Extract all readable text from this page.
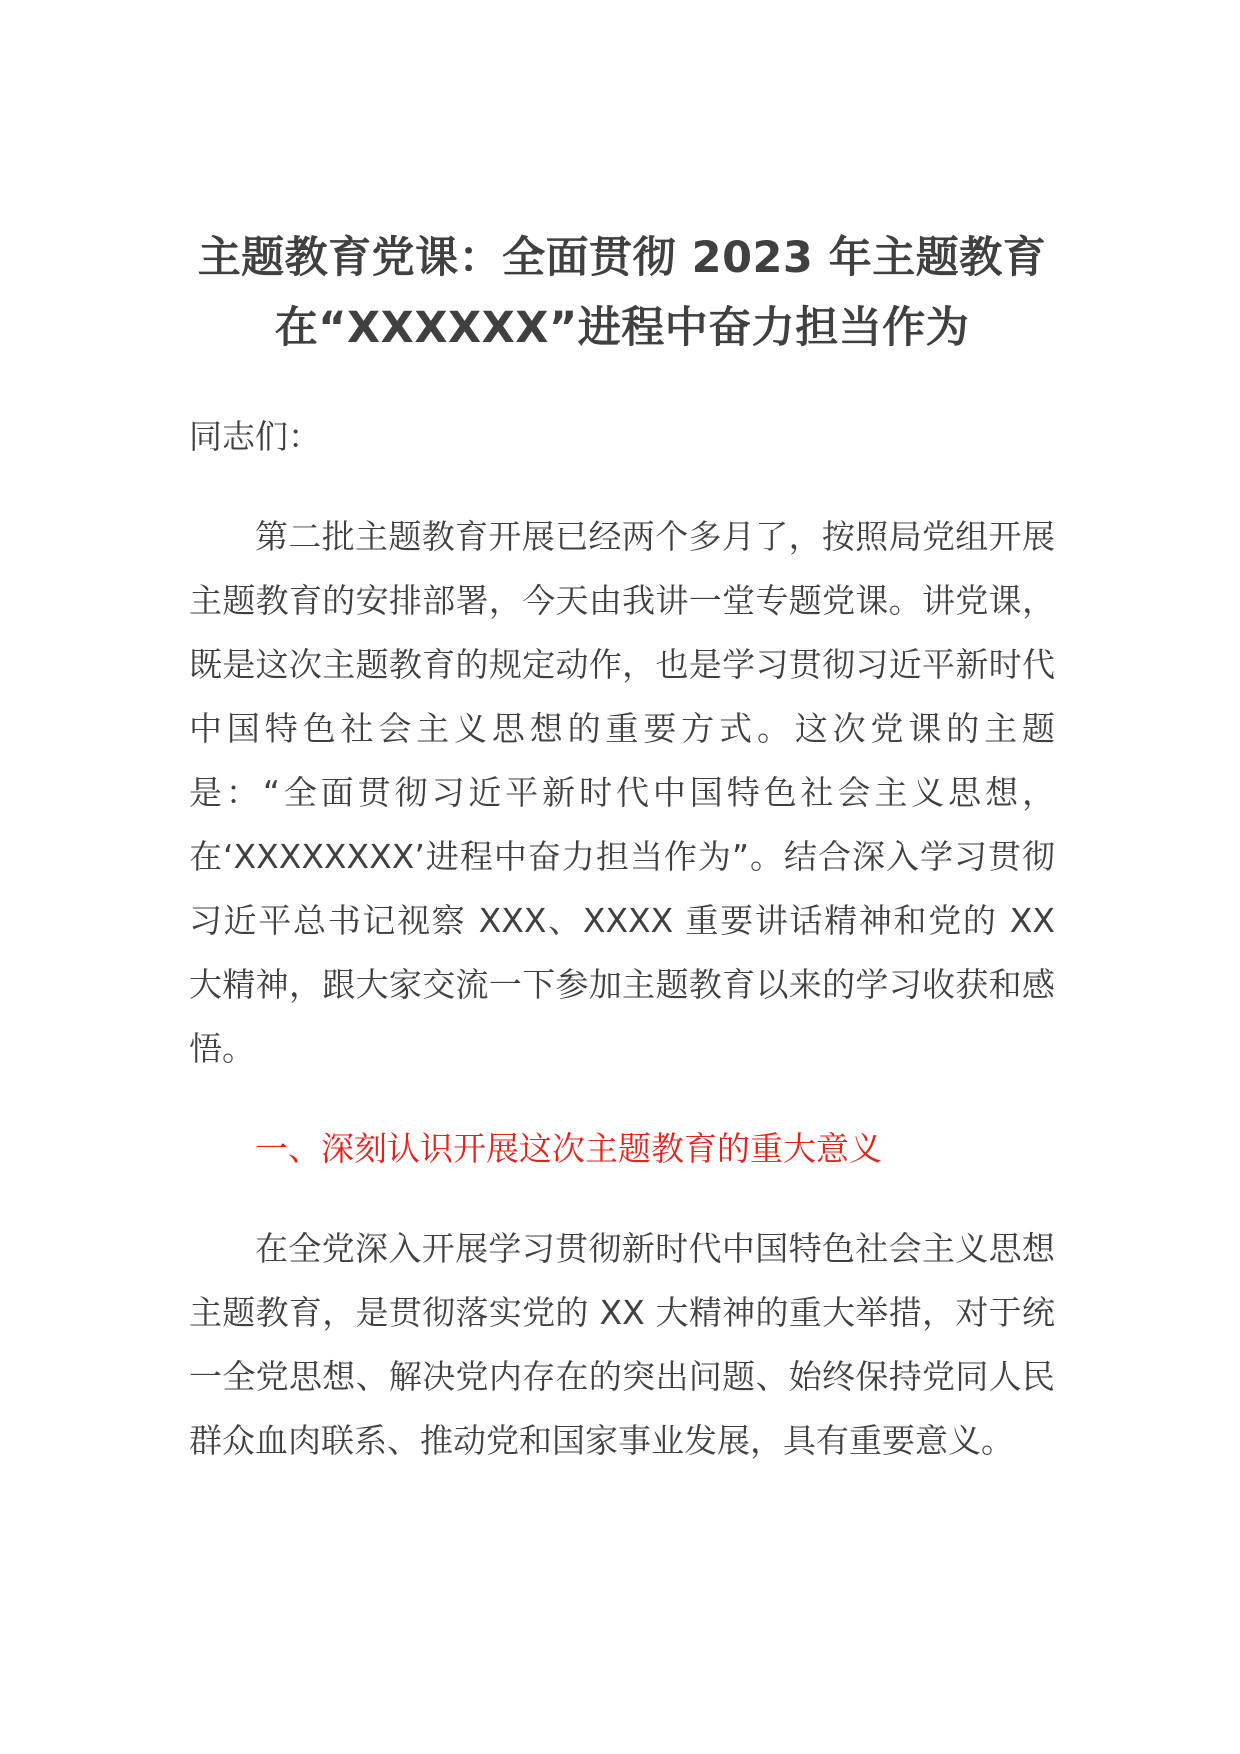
主题教育党课：全面贯彻 2023 年主题教育在“XXXXXX”进程中奋力担当作为

同志们：

第二批主题教育开展已经两个多月了，按照局党组开展主题教育的安排部署，今天由我讲一堂专题党课。讲党课，既是这次主题教育的规定动作，也是学习贯彻习近平新时代中国特色社会主义思想的重要方式。这次党课的主题是：“全面贯彻习近平新时代中国特色社会主义思想，在‘XXXXXXXX’进程中奋力担当作为”。结合深入学习贯彻习近平总书记视察 XXX、XXXX 重要讲话精神和党的 XX 大精神，跟大家交流一下参加主题教育以来的学习收获和感悟。

一、深刻认识开展这次主题教育的重大意义

在全党深入开展学习贯彻新时代中国特色社会主义思想主题教育，是贯彻落实党的 XX 大精神的重大举措，对于统一全党思想、解决党内存在的突出问题、始终保持党同人民群众血肉联系、推动党和国家事业发展，具有重要意义。
